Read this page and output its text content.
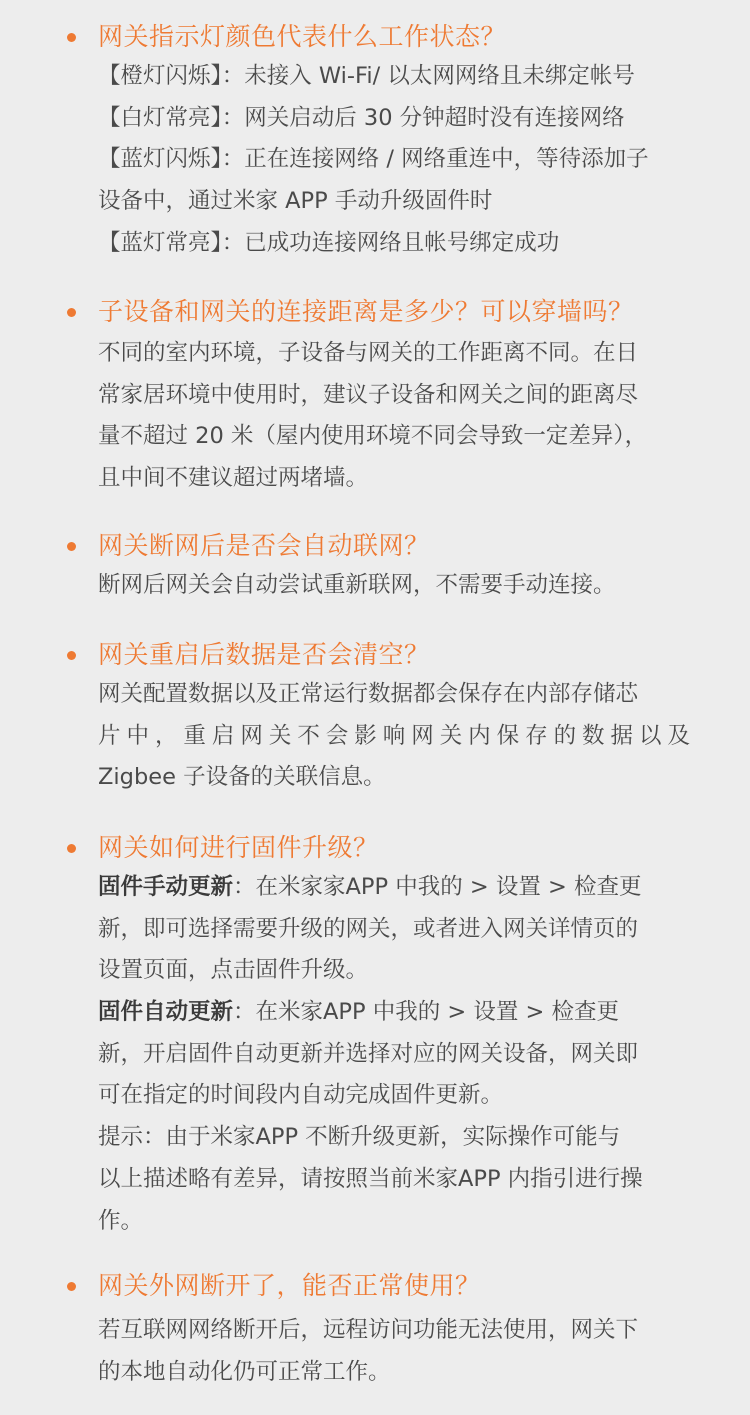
网关指示灯颜色代表什么工作状态？
【橙灯闪烁】：未接入 Wi-Fi/ 以太网网络且未绑定帐号
【白灯常亮】：网关启动后 30 分钟超时没有连接网络
【蓝灯闪烁】：正在连接网络 / 网络重连中，等待添加子
设备中，通过米家 APP 手动升级固件时
【蓝灯常亮】：已成功连接网络且帐号绑定成功
子设备和网关的连接距离是多少？可以穿墙吗？
不同的室内环境，子设备与网关的工作距离不同。在日
常家居环境中使用时，建议子设备和网关之间的距离尽
量不超过 20 米（屋内使用环境不同会导致一定差异），
且中间不建议超过两堵墙。
网关断网后是否会自动联网？
断网后网关会自动尝试重新联网，不需要手动连接。
网关重启后数据是否会清空？
网关配置数据以及正常运行数据都会保存在内部存储芯
片中，重启网关不会影响网关内保存的数据以及
Zigbee 子设备的关联信息。
网关如何进行固件升级？
固件手动更新：在米家家APP 中我的 > 设置 > 检查更
新，即可选择需要升级的网关，或者进入网关详情页的
设置页面，点击固件升级。
固件自动更新：在米家APP 中我的 > 设置 > 检查更
新，开启固件自动更新并选择对应的网关设备，网关即
可在指定的时间段内自动完成固件更新。
提示：由于米家APP 不断升级更新，实际操作可能与
以上描述略有差异，请按照当前米家APP 内指引进行操
作。
网关外网断开了，能否正常使用？
若互联网网络断开后，远程访问功能无法使用，网关下
的本地自动化仍可正常工作。
